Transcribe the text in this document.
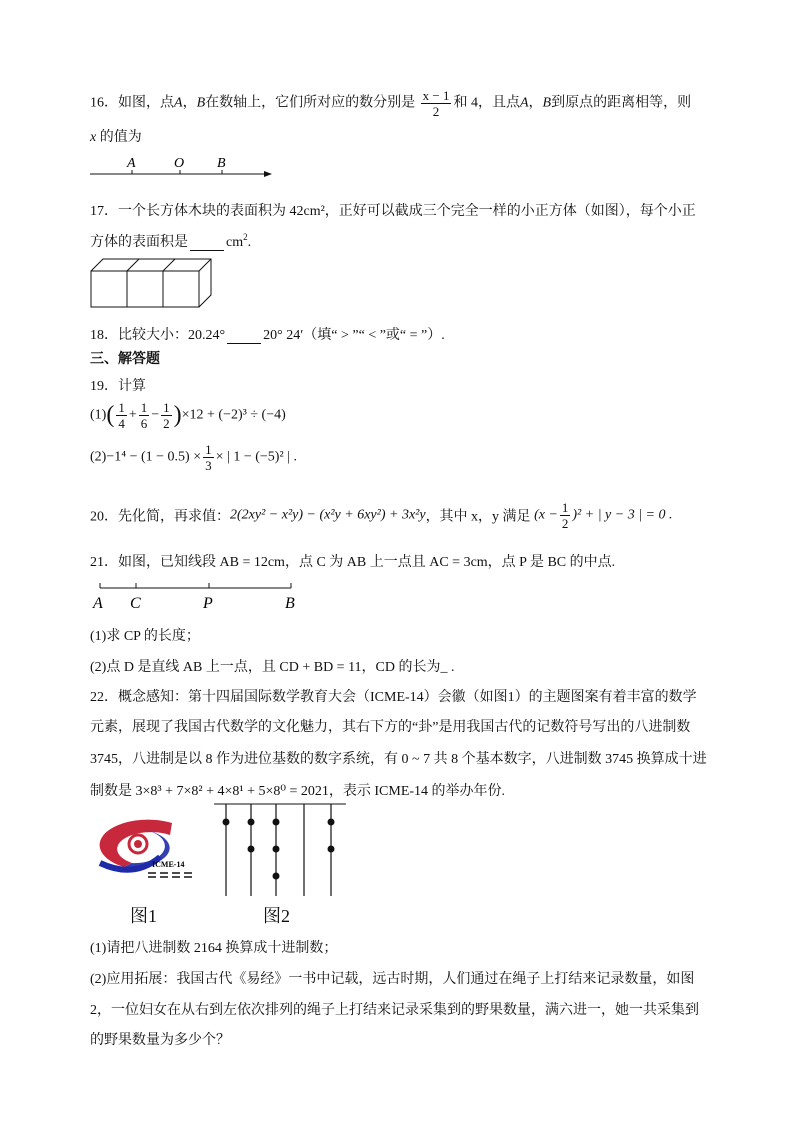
16．如图，点A，B在数轴上，它们所对应的数分别是 $\frac{x - 1}{2}$ 和 4，且点A，B到原点的距离相等，则
x 的值为
A	O B
17．一个长方体木块的表面积为 42cm²，正好可以截成三个完全一样的小正方体（如图），每个小正
方体的表面积是	$cm^2$.
18．比较大小：20.24°	20° 24′（填“ > ”“ < ”或“ = ”）.
三、解答题
19．计算
$(1)( \frac{1}{4} + \frac{1}{6} - \frac{1}{2} )\times 12 + (-2)^3 \div (-4)$
$(2)-1^4 - (1 - 0.5) \times \frac{1}{3}$ × | 1 − (−5)² | .
20．先化简，再求值：2(2xy² − x²y) − (x²y + 6xy²) + 3x²y，其中 x，y 满足 $(x - \frac{1}{2} )^2$ + | y − 3 | = 0 .
21．如图，已知线段 AB = 12cm，点 C 为 AB 上一点且 AC = 3cm，点 P 是 BC 的中点.
A C	P	B
(1)求 CP 的长度；
(2)点 D 是直线 AB 上一点，且 CD + BD = 11，CD 的长为_ .
22．概念感知：第十四届国际数学教育大会（ICME-14）会徽（如图1）的主题图案有着丰富的数学
元素，展现了我国古代数学的文化魅力，其右下方的“卦”是用我国古代的记数符号写出的八进制数
3745，八进制是以 8 作为进位基数的数字系统，有 0 ~ 7 共 8 个基本数字，八进制数 3745 换算成十进
制数是 3×8³ + 7×8² + 4×8¹ + 5×8⁰ = 2021，表示 ICME-14 的举办年份.
ICME-14
图1	图2
(1)请把八进制数 2164 换算成十进制数；
(2)应用拓展：我国古代《易经》一书中记载，远古时期，人们通过在绳子上打结来记录数量，如图
2，一位妇女在从右到左依次排列的绳子上打结来记录采集到的野果数量，满六进一，她一共采集到
的野果数量为多少个？
